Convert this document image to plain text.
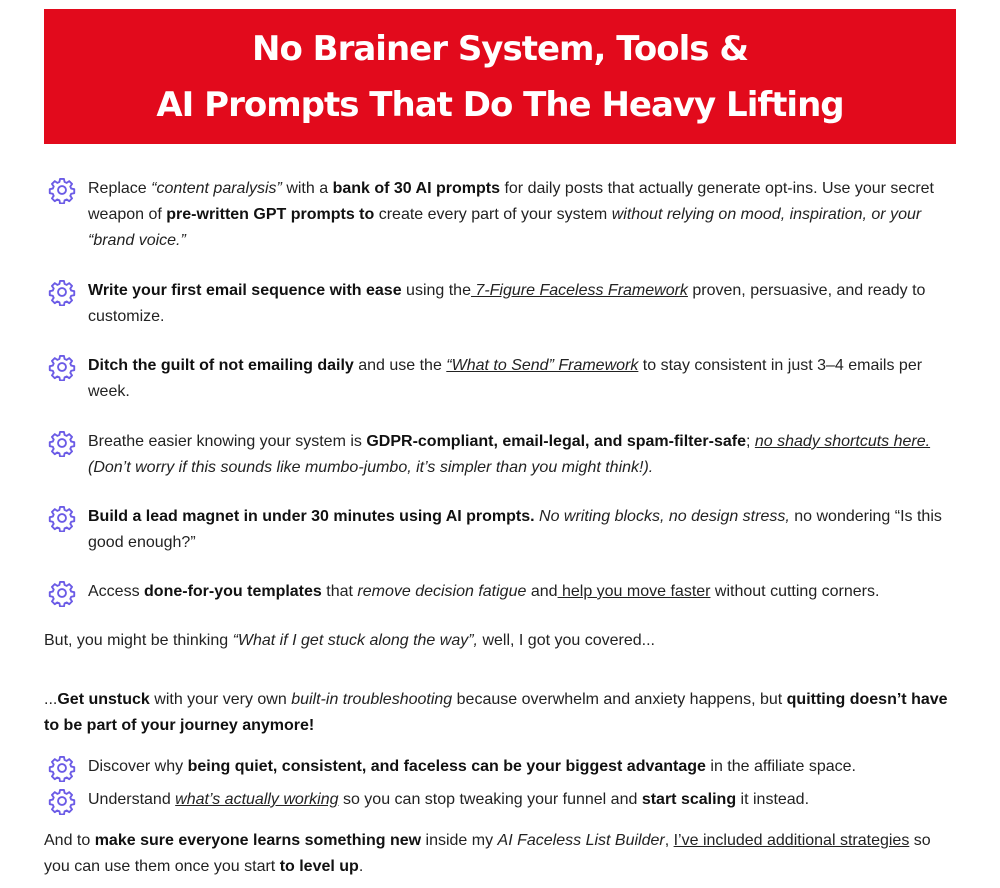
No Brainer System, Tools &
AI Prompts That Do The Heavy Lifting
Replace “content paralysis” with a bank of 30 AI prompts for daily posts that actually generate opt-ins. Use your secret weapon of pre-written GPT prompts to create every part of your system without relying on mood, inspiration, or your “brand voice.”
Write your first email sequence with ease using the 7-Figure Faceless Framework proven, persuasive, and ready to customize.
Ditch the guilt of not emailing daily and use the “What to Send” Framework to stay consistent in just 3–4 emails per week.
Breathe easier knowing your system is GDPR-compliant, email-legal, and spam-filter-safe; no shady shortcuts here. (Don’t worry if this sounds like mumbo-jumbo, it’s simpler than you might think!).
Build a lead magnet in under 30 minutes using AI prompts. No writing blocks, no design stress, no wondering “Is this good enough?”
Access done-for-you templates that remove decision fatigue and help you move faster without cutting corners.
But, you might be thinking “What if I get stuck along the way”, well, I got you covered...
...Get unstuck with your very own built-in troubleshooting because overwhelm and anxiety happens, but quitting doesn’t have to be part of your journey anymore!
Discover why being quiet, consistent, and faceless can be your biggest advantage in the affiliate space.
Understand what’s actually working so you can stop tweaking your funnel and start scaling it instead.
And to make sure everyone learns something new inside my AI Faceless List Builder, I’ve included additional strategies so you can use them once you start to level up.
